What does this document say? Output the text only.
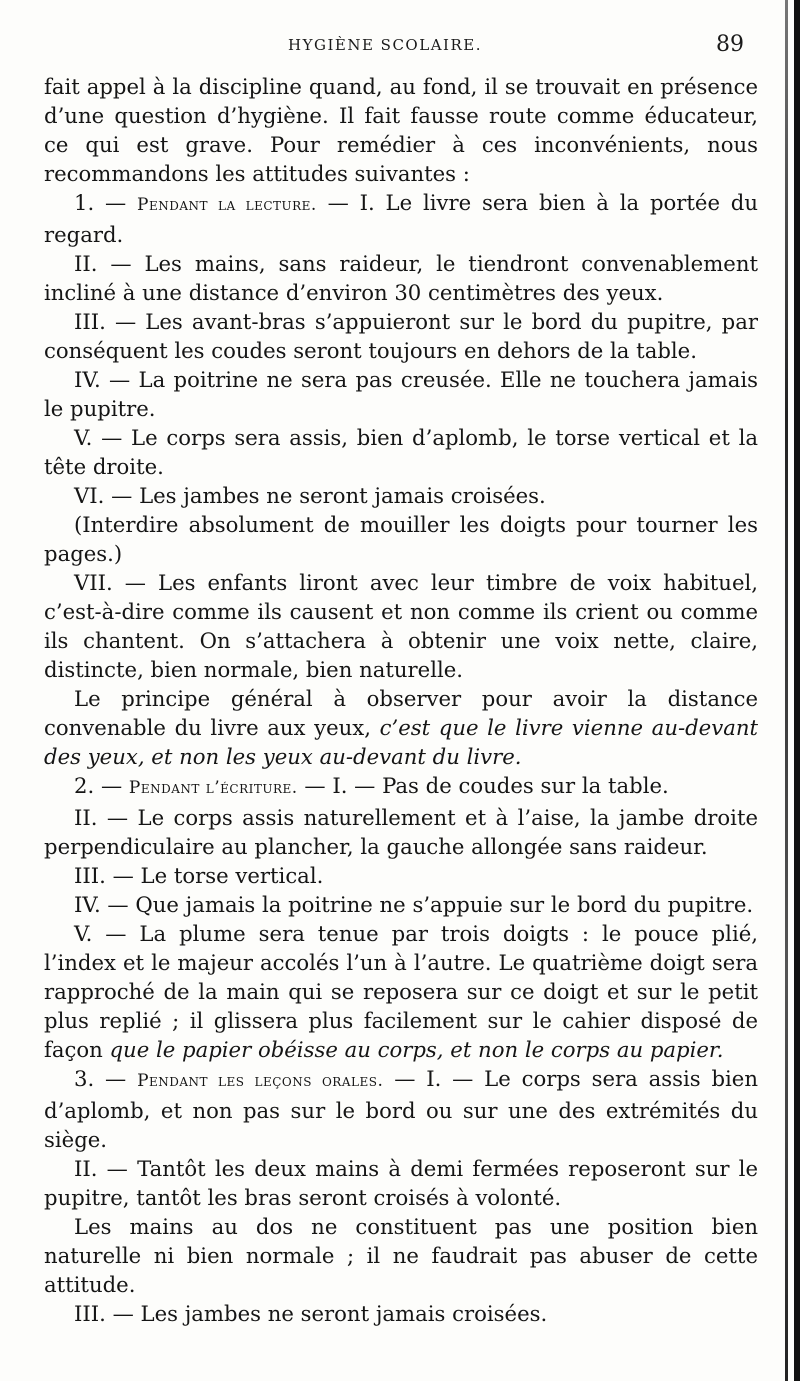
HYGIÈNE SCOLAIRE.	89

fait appel à la discipline quand, au fond, il se trouvait en présence d’une question d’hygiène. Il fait fausse route comme éducateur, ce qui est grave. Pour remédier à ces inconvénients, nous recommandons les attitudes suivantes :

1. — Pendant la lecture. — I. Le livre sera bien à la portée du regard.

II. — Les mains, sans raideur, le tiendront convenablement incliné à une distance d’environ 30 centimètres des yeux.

III. — Les avant-bras s’appuieront sur le bord du pupitre, par conséquent les coudes seront toujours en dehors de la table.

IV. — La poitrine ne sera pas creusée. Elle ne touchera jamais le pupitre.

V. — Le corps sera assis, bien d’aplomb, le torse vertical et la tête droite.

VI. — Les jambes ne seront jamais croisées.

(Interdire absolument de mouiller les doigts pour tourner les pages.)

VII. — Les enfants liront avec leur timbre de voix habituel, c’est-à-dire comme ils causent et non comme ils crient ou comme ils chantent. On s’attachera à obtenir une voix nette, claire, distincte, bien normale, bien naturelle.

Le principe général à observer pour avoir la distance convenable du livre aux yeux, c’est que le livre vienne au-devant des yeux, et non les yeux au-devant du livre.

2. — Pendant l’écriture. — I. — Pas de coudes sur la table.

II. — Le corps assis naturellement et à l’aise, la jambe droite perpendiculaire au plancher, la gauche allongée sans raideur.

III. — Le torse vertical.

IV. — Que jamais la poitrine ne s’appuie sur le bord du pupitre.

V. — La plume sera tenue par trois doigts : le pouce plié, l’index et le majeur accolés l’un à l’autre. Le quatrième doigt sera rapproché de la main qui se reposera sur ce doigt et sur le petit plus replié ; il glissera plus facilement sur le cahier disposé de façon que le papier obéisse au corps, et non le corps au papier.

3. — Pendant les leçons orales. — I. — Le corps sera assis bien d’aplomb, et non pas sur le bord ou sur une des extrémités du siège.

II. — Tantôt les deux mains à demi fermées reposeront sur le pupitre, tantôt les bras seront croisés à volonté.

Les mains au dos ne constituent pas une position bien naturelle ni bien normale ; il ne faudrait pas abuser de cette attitude.

III. — Les jambes ne seront jamais croisées.
